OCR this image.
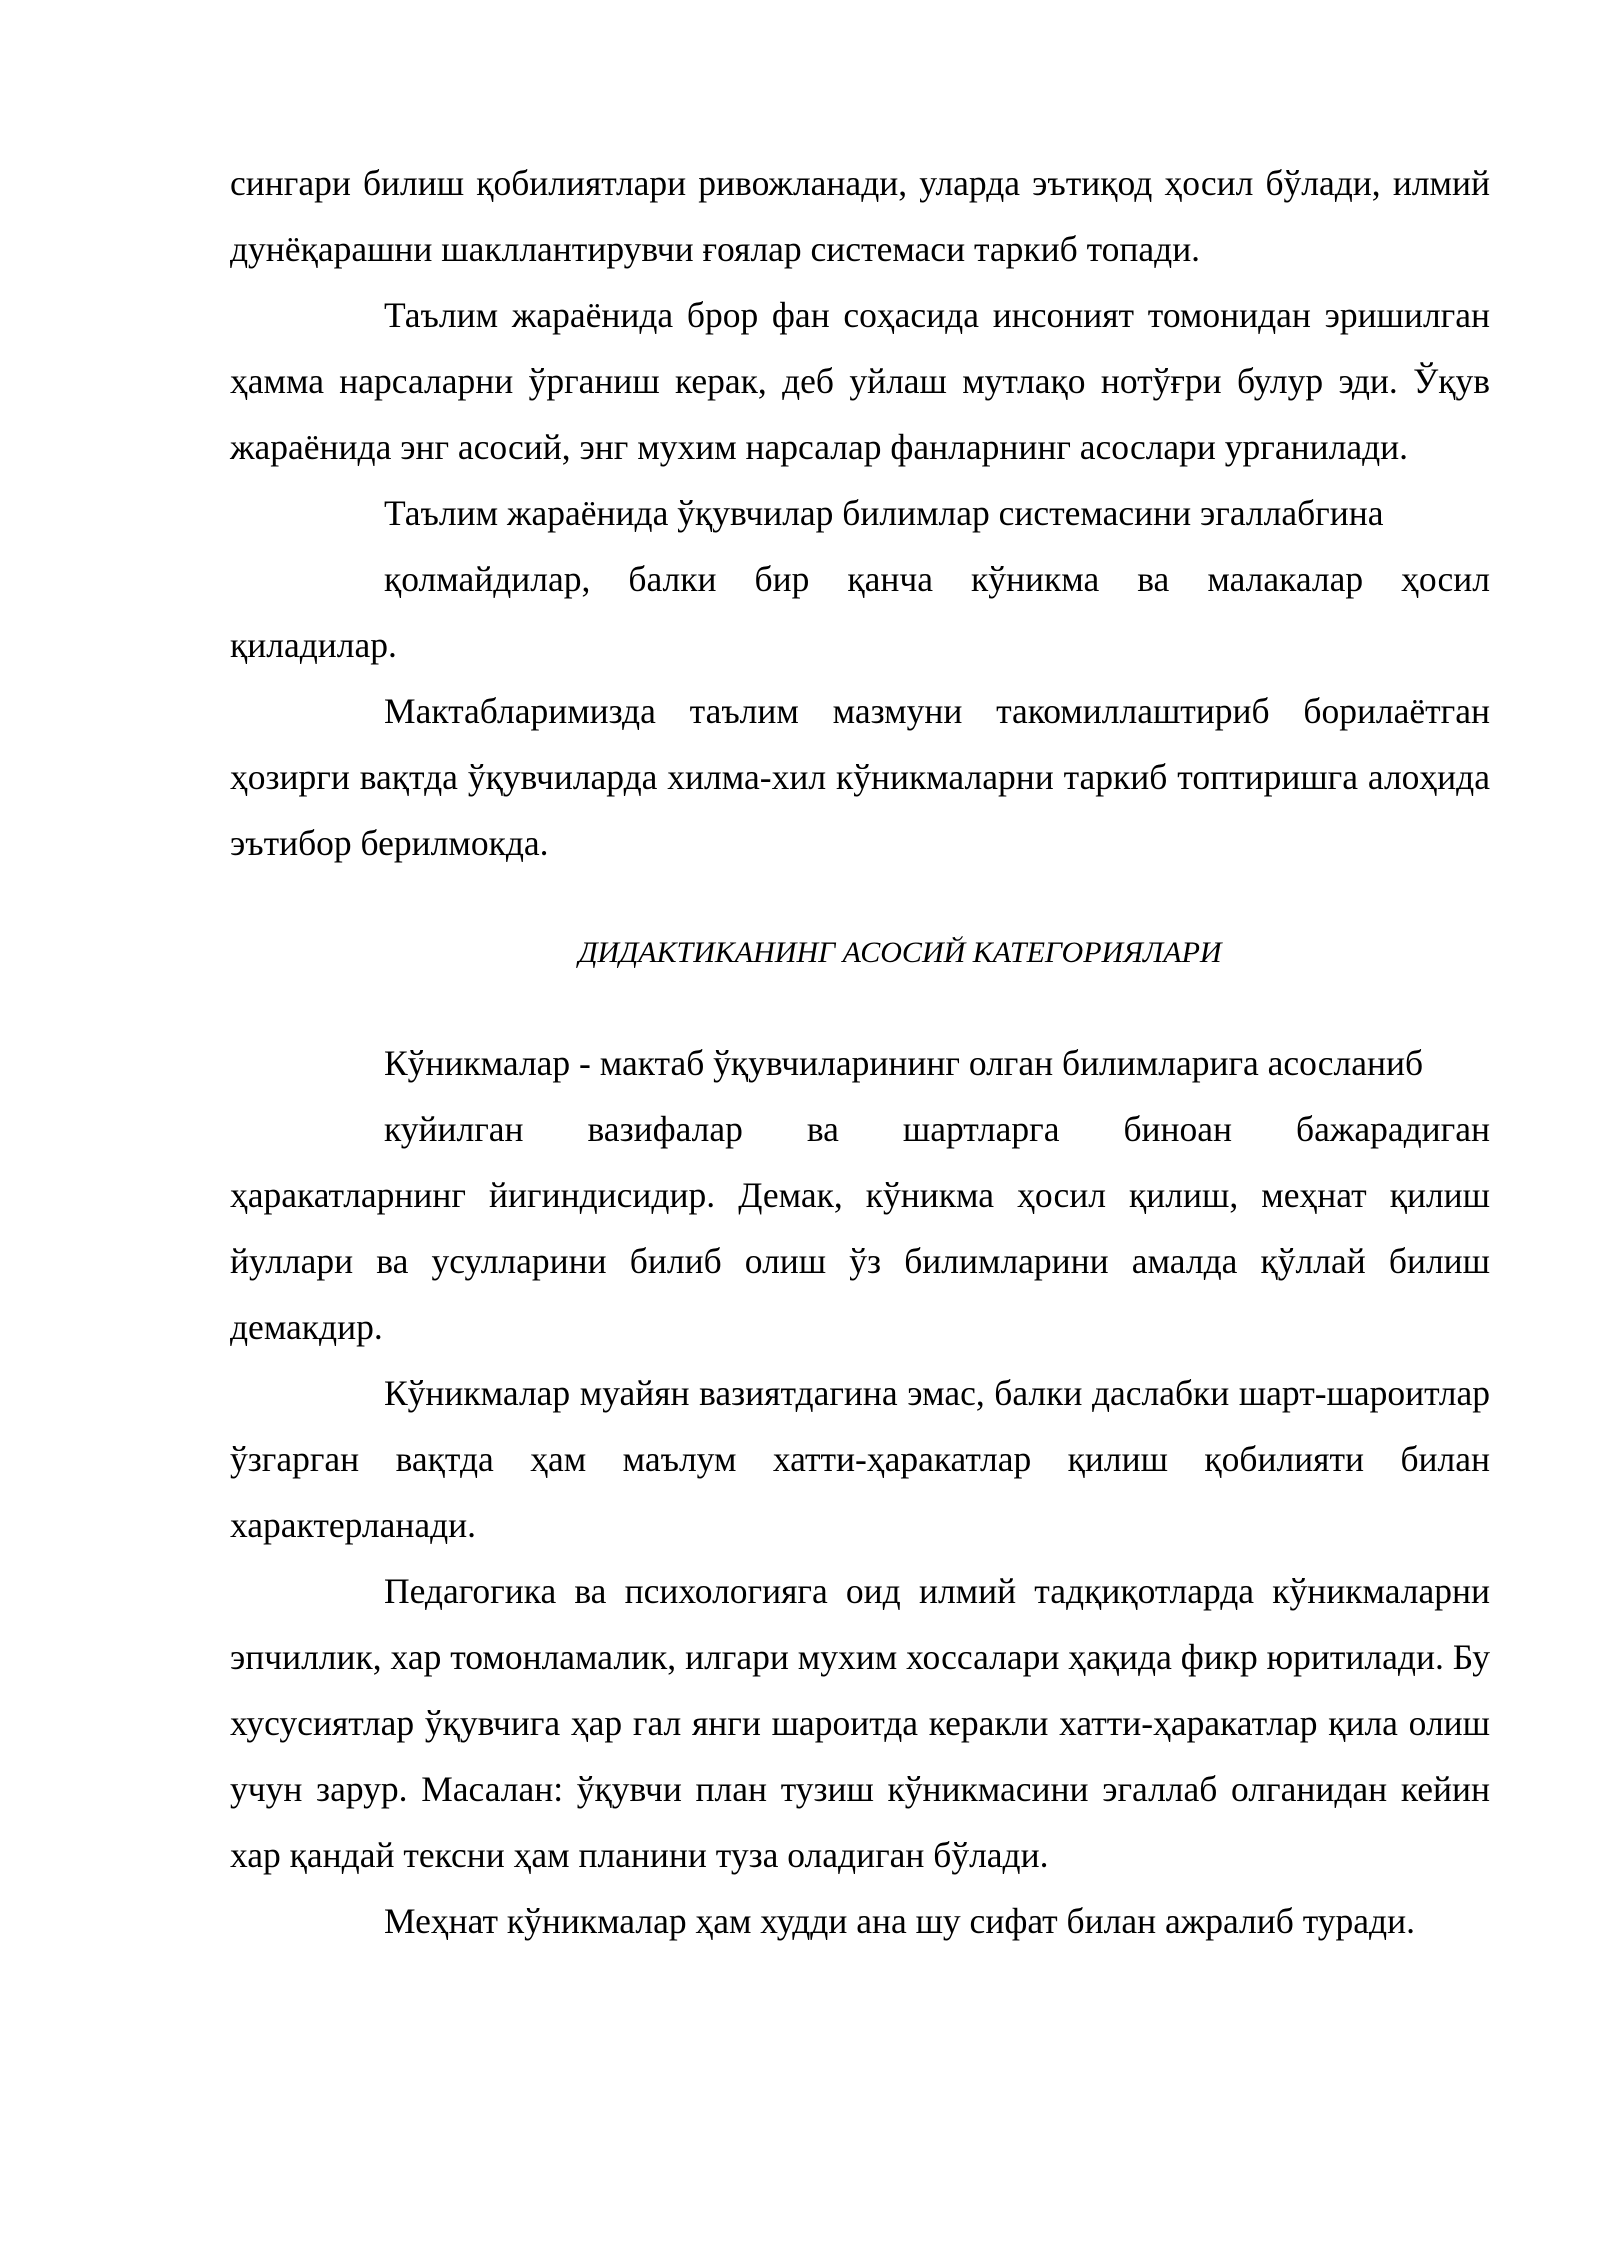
сингари билиш қобилиятлари ривожланади, уларда эътиқод ҳосил бўлади, илмий дунёқарашни шакллантирувчи ғоялар системаси таркиб топади.

Таълим жараёнида брор фан соҳасида инсоният томонидан эришилган ҳамма нарсаларни ўрганиш керак, деб уйлаш мутлақо нотўғри булур эди. Ўқув жараёнида энг асосий, энг мухим нарсалар фанларнинг асослари урганилади.

Таълим жараёнида ўқувчилар билимлар системасини эгаллабгина

қолмайдилар, балки бир қанча кўникма ва малакалар ҳосил

қиладилар.

Мактабларимизда таълим мазмуни такомиллаштириб борилаётган ҳозирги вақтда ўқувчиларда хилма-хил кўникмаларни таркиб топтиришга алоҳида эътибор берилмокда.

ДИДАКТИКАНИНГ АСОСИЙ КАТЕГОРИЯЛАРИ

Кўникмалар - мактаб ўқувчиларининг олган билимларига асосланиб

куйилган вазифалар ва шартларга биноан бажарадиган

ҳаракатларнинг йигиндисидир. Демак, кўникма ҳосил қилиш, меҳнат қилиш йуллари ва усулларини билиб олиш ўз билимларини амалда қўллай билиш демакдир.

Кўникмалар муайян вазиятдагина эмас, балки даслабки шарт-шароитлар ўзгарган вақтда ҳам маълум хатти-ҳаракатлар қилиш қобилияти билан характерланади.

Педагогика ва психологияга оид илмий тадқиқотларда кўникмаларни эпчиллик, хар томонламалик, илгари мухим хоссалари ҳақида фикр юритилади. Бу хусусиятлар ўқувчига ҳар гал янги шароитда керакли хатти-ҳаракатлар қила олиш учун зарур. Масалан: ўқувчи план тузиш кўникмасини эгаллаб олганидан кейин хар қандай тексни ҳам планини туза оладиган бўлади.

Меҳнат кўникмалар ҳам худди ана шу сифат билан ажралиб туради.
